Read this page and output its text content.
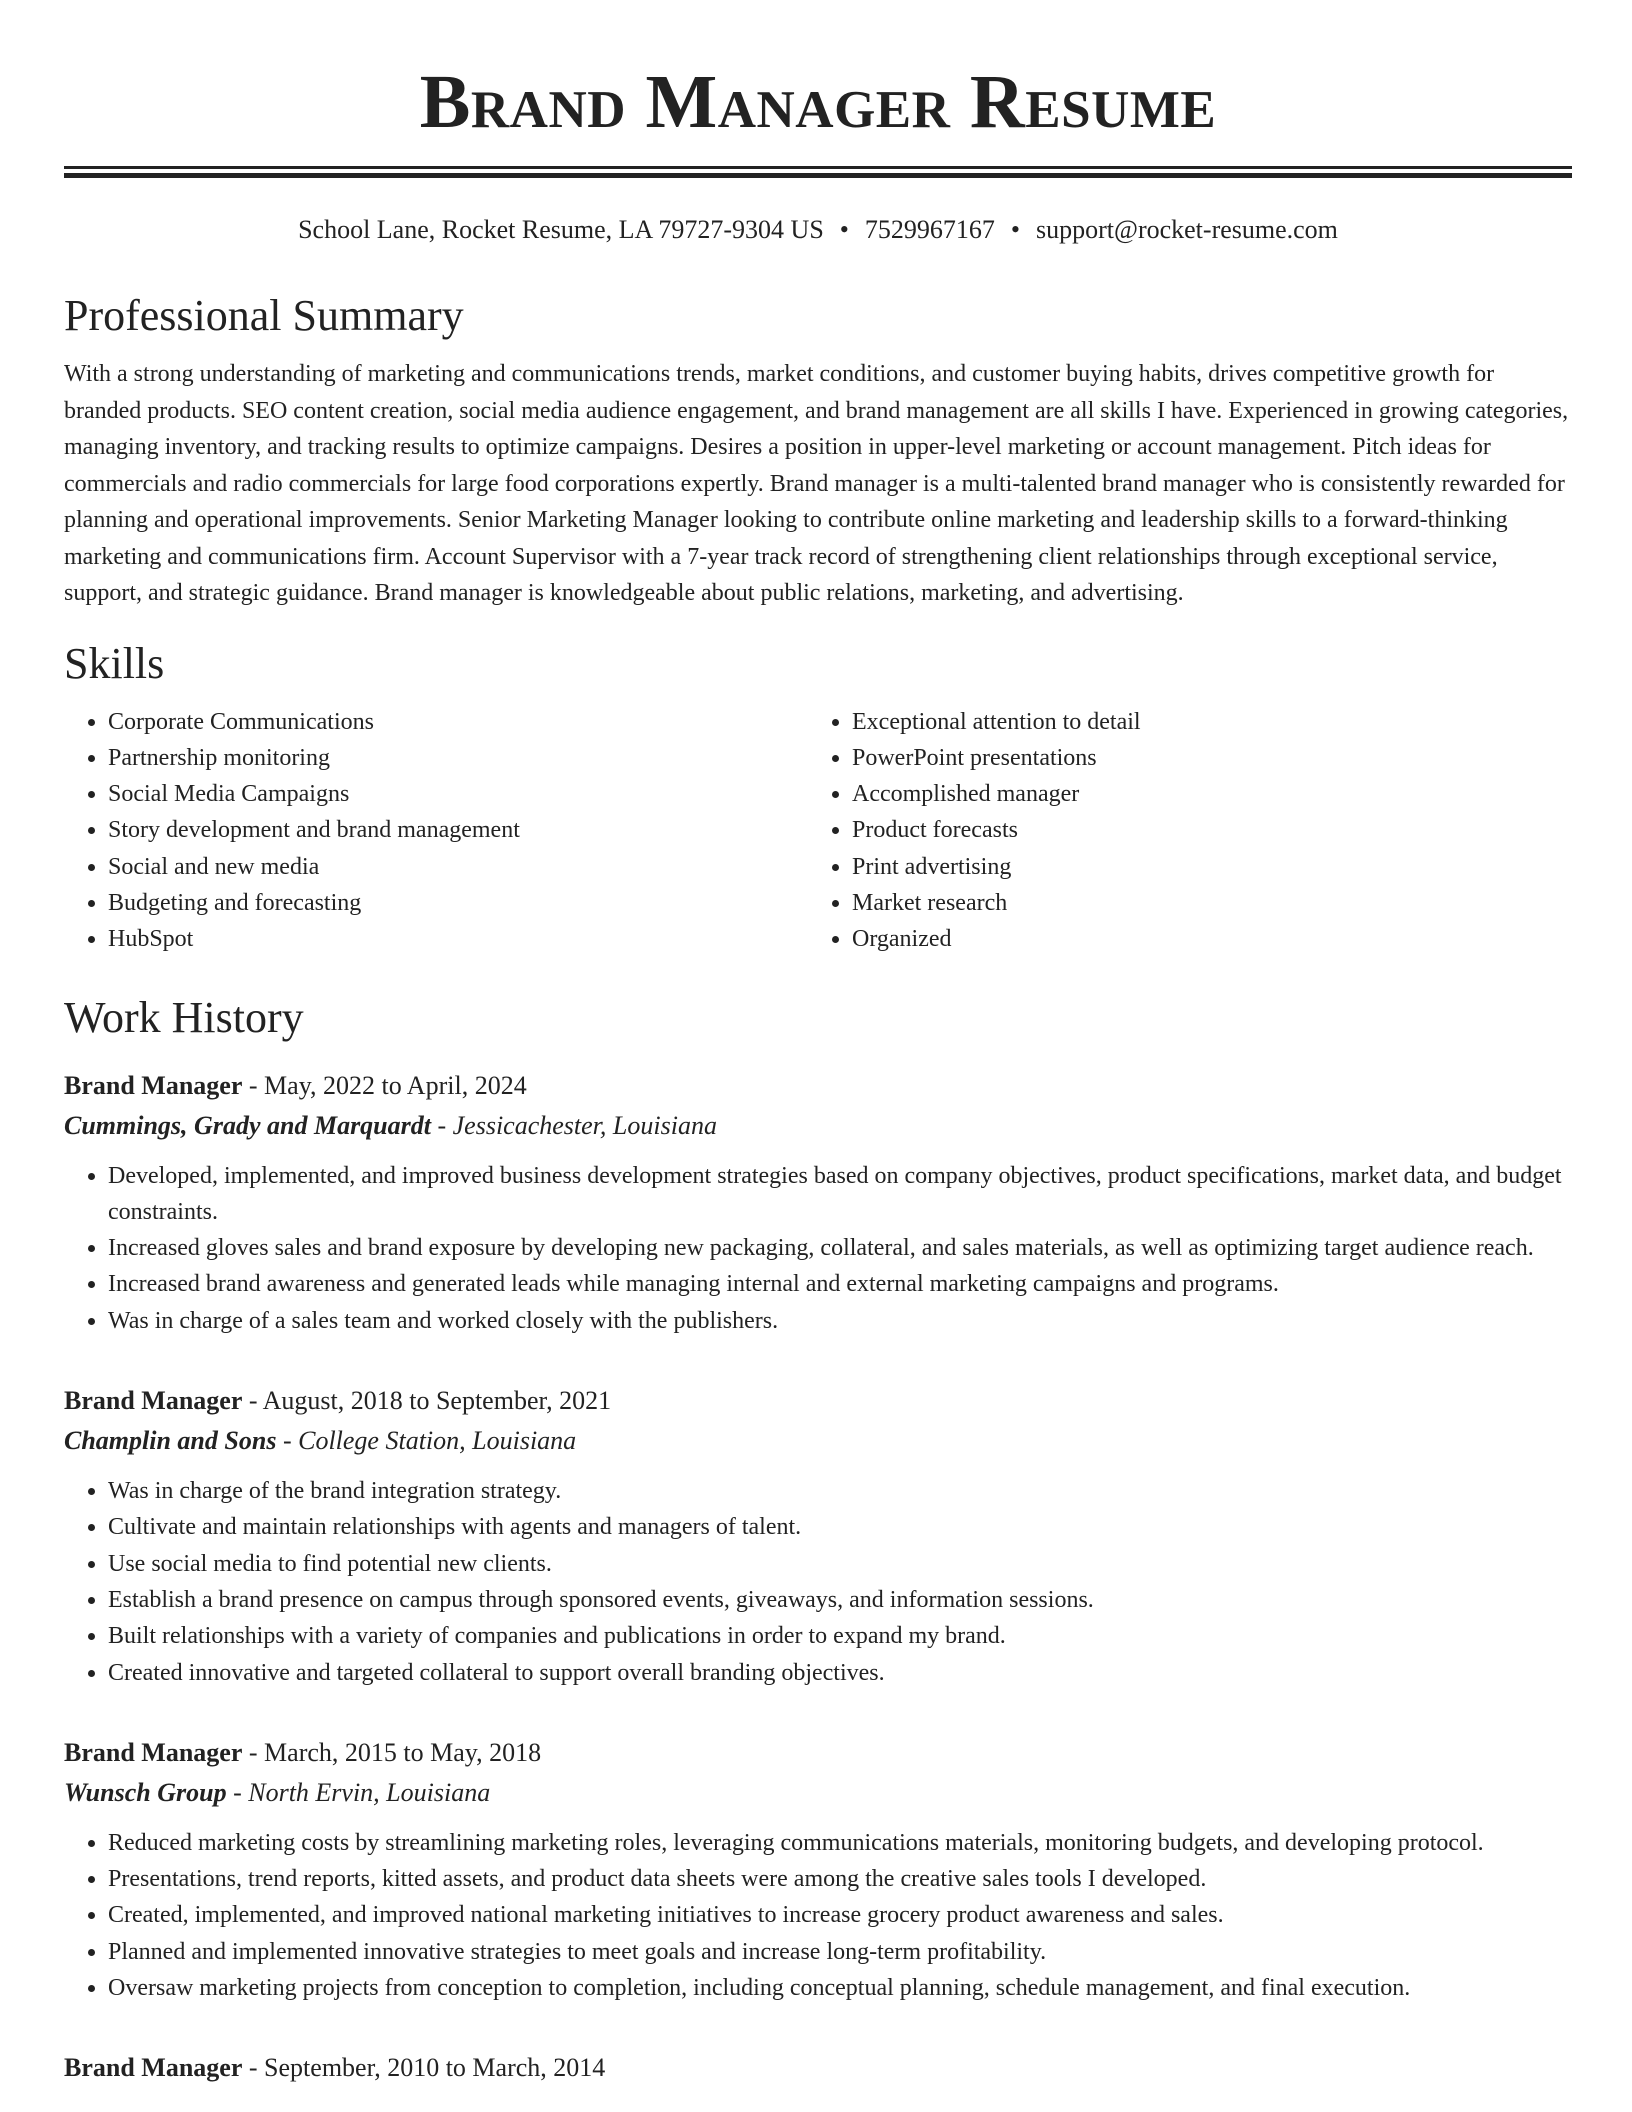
Brand Manager Resume
School Lane, Rocket Resume, LA 79727-9304 US • 7529967167 • support@rocket-resume.com
Professional Summary

With a strong understanding of marketing and communications trends, market conditions, and customer buying habits, drives competitive growth for branded products. SEO content creation, social media audience engagement, and brand management are all skills I have. Experienced in growing categories, managing inventory, and tracking results to optimize campaigns. Desires a position in upper-level marketing or account management. Pitch ideas for commercials and radio commercials for large food corporations expertly. Brand manager is a multi-talented brand manager who is consistently rewarded for planning and operational improvements. Senior Marketing Manager looking to contribute online marketing and leadership skills to a forward-thinking marketing and communications firm. Account Supervisor with a 7-year track record of strengthening client relationships through exceptional service, support, and strategic guidance. Brand manager is knowledgeable about public relations, marketing, and advertising.

Skills
• Corporate Communications
• Partnership monitoring
• Social Media Campaigns
• Story development and brand management
• Social and new media
• Budgeting and forecasting
• HubSpot
• Exceptional attention to detail
• PowerPoint presentations
• Accomplished manager
• Product forecasts
• Print advertising
• Market research
• Organized
Work History
Brand Manager - May, 2022 to April, 2024
Cummings, Grady and Marquardt - Jessicachester, Louisiana
• Developed, implemented, and improved business development strategies based on company objectives, product specifications, market data, and budget constraints.
• Increased gloves sales and brand exposure by developing new packaging, collateral, and sales materials, as well as optimizing target audience reach.
• Increased brand awareness and generated leads while managing internal and external marketing campaigns and programs.
• Was in charge of a sales team and worked closely with the publishers.
Brand Manager - August, 2018 to September, 2021
Champlin and Sons - College Station, Louisiana
• Was in charge of the brand integration strategy.
• Cultivate and maintain relationships with agents and managers of talent.
• Use social media to find potential new clients.
• Establish a brand presence on campus through sponsored events, giveaways, and information sessions.
• Built relationships with a variety of companies and publications in order to expand my brand.
• Created innovative and targeted collateral to support overall branding objectives.
Brand Manager - March, 2015 to May, 2018
Wunsch Group - North Ervin, Louisiana
• Reduced marketing costs by streamlining marketing roles, leveraging communications materials, monitoring budgets, and developing protocol.
• Presentations, trend reports, kitted assets, and product data sheets were among the creative sales tools I developed.
• Created, implemented, and improved national marketing initiatives to increase grocery product awareness and sales.
• Planned and implemented innovative strategies to meet goals and increase long-term profitability.
• Oversaw marketing projects from conception to completion, including conceptual planning, schedule management, and final execution.
Brand Manager - September, 2010 to March, 2014
